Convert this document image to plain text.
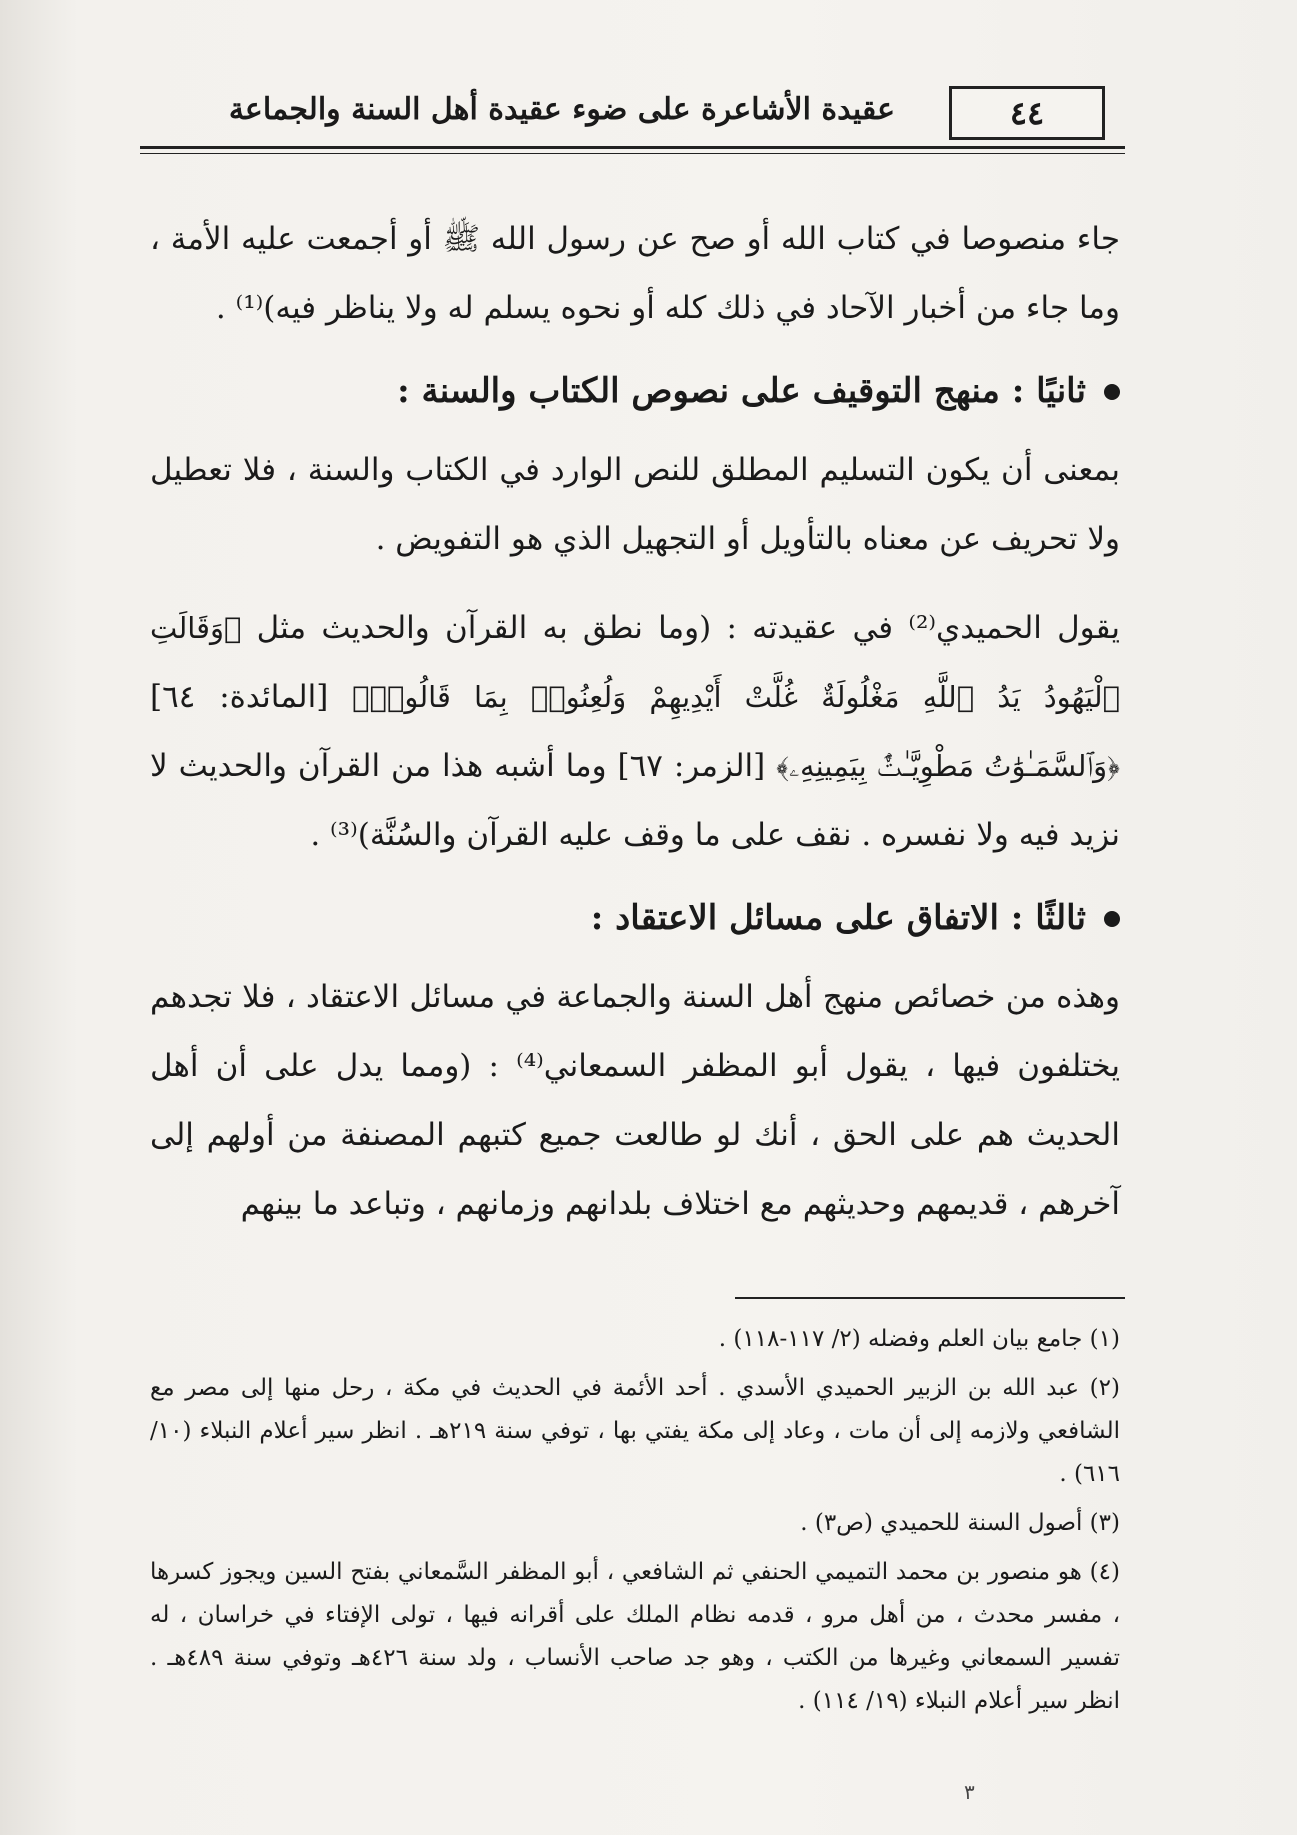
عقيدة الأشاعرة على ضوء عقيدة أهل السنة والجماعة	٤٤

جاء منصوصا في كتاب الله أو صح عن رسول الله ﷺ أو أجمعت عليه الأمة ، وما جاء من أخبار الآحاد في ذلك كله أو نحوه يسلم له ولا يناظر فيه)⁽¹⁾ .

ثانيًا : منهج التوقيف على نصوص الكتاب والسنة :

بمعنى أن يكون التسليم المطلق للنص الوارد في الكتاب والسنة ، فلا تعطيل ولا تحريف عن معناه بالتأويل أو التجهيل الذي هو التفويض .

يقول الحميدي⁽²⁾ في عقيدته : (وما نطق به القرآن والحديث مثل ﴿وَقَالَتِ ٱلْيَهُودُ يَدُ ٱللَّهِ مَغْلُولَةٌ غُلَّتْ أَيْدِيهِمْ وَلُعِنُوا۟ بِمَا قَالُوا۟﴾ [المائدة: ٦٤] ﴿وَٱلسَّمَـٰوَٰتُ مَطْوِيَّـٰتٌۢ بِيَمِينِهِۦ﴾ [الزمر: ٦٧] وما أشبه هذا من القرآن والحديث لا نزيد فيه ولا نفسره . نقف على ما وقف عليه القرآن والسُنَّة)⁽³⁾ .

ثالثًا : الاتفاق على مسائل الاعتقاد :

وهذه من خصائص منهج أهل السنة والجماعة في مسائل الاعتقاد ، فلا تجدهم يختلفون فيها ، يقول أبو المظفر السمعاني⁽⁴⁾ : (ومما يدل على أن أهل الحديث هم على الحق ، أنك لو طالعت جميع كتبهم المصنفة من أولهم إلى آخرهم ، قديمهم وحديثهم مع اختلاف بلدانهم وزمانهم ، وتباعد ما بينهم

(١) جامع بيان العلم وفضله (٢/ ١١٧-١١٨) .

(٢) عبد الله بن الزبير الحميدي الأسدي . أحد الأئمة في الحديث في مكة ، رحل منها إلى مصر مع الشافعي ولازمه إلى أن مات ، وعاد إلى مكة يفتي بها ، توفي سنة ٢١٩هـ . انظر سير أعلام النبلاء (١٠/ ٦١٦) .

(٣) أصول السنة للحميدي (ص٣) .

(٤) هو منصور بن محمد التميمي الحنفي ثم الشافعي ، أبو المظفر السَّمعاني بفتح السين ويجوز كسرها ، مفسر محدث ، من أهل مرو ، قدمه نظام الملك على أقرانه فيها ، تولى الإفتاء في خراسان ، له تفسير السمعاني وغيرها من الكتب ، وهو جد صاحب الأنساب ، ولد سنة ٤٢٦هـ وتوفي سنة ٤٨٩هـ . انظر سير أعلام النبلاء (١٩/ ١١٤) .

٣
